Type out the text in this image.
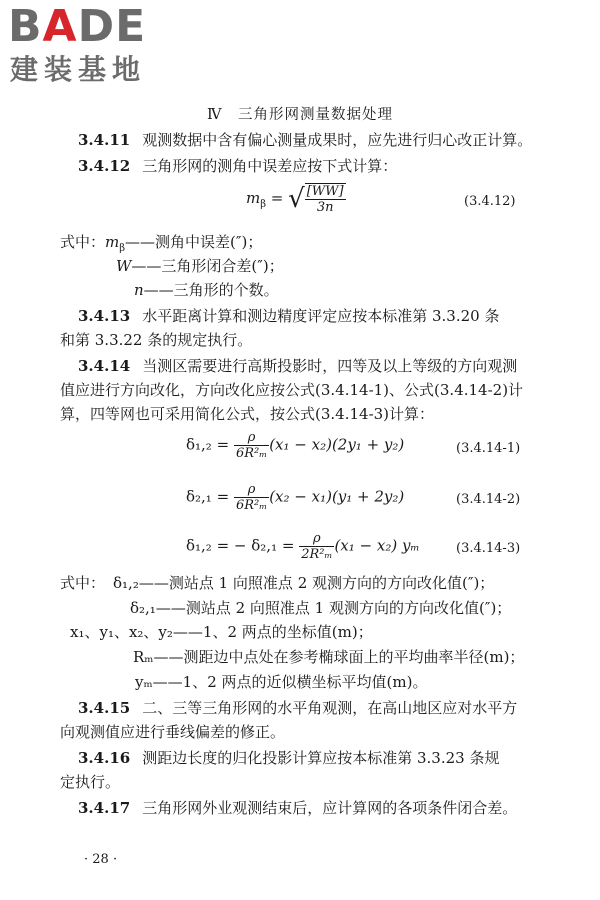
BADE
建装基地
Ⅳ　三角形网测量数据处理
3.4.11 观测数据中含有偏心测量成果时，应先进行归心改正计算。
3.4.12 三角形网的测角中误差应按下式计算：
$m_\beta$ = √ $\frac{[WW]}{3n}$	(3.4.12)
式中：$m_\beta——$测角中误差(″)；
W——三角形闭合差(″)；
n——三角形的个数。
3.4.13 水平距离计算和测边精度评定应按本标准第 3.3.20 条
和第 3.3.22 条的规定执行。
3.4.14 当测区需要进行高斯投影时，四等及以上等级的方向观测
值应进行方向改化，方向改化应按公式(3.4.14-1)、公式(3.4.14-2)计
算，四等网也可采用简化公式，按公式(3.4.14-3)计算：
$\delta_1,_2 = \frac{\rho}{\text{6R²ₘ}} (x_1 - x_2)(2y_1 + y_2)$	(3.4.14-1)
$\delta_2,_1 = \frac{\rho}{\text{6R²ₘ}} (x_2 - x_1)(y_1 + 2y_2)$	(3.4.14-2)
δ₁,₂ = − $\delta_2,_1 = \frac{\rho}{\text{2R²ₘ}} (x_1 - x_2)$ yₘ	(3.4.14-3)
式中： δ₁,₂——测站点 1 向照准点 2 观测方向的方向改化值(″)；
δ₂,₁——测站点 2 向照准点 1 观测方向的方向改化值(″)；
x₁、y₁、x₂、y₂——1、2 两点的坐标值(m)；
Rₘ——测距边中点处在参考椭球面上的平均曲率半径(m)；
yₘ——1、2 两点的近似横坐标平均值(m)。
3.4.15 二、三等三角形网的水平角观测，在高山地区应对水平方
向观测值应进行垂线偏差的修正。
3.4.16 测距边长度的归化投影计算应按本标准第 3.3.23 条规
定执行。
3.4.17 三角形网外业观测结束后，应计算网的各项条件闭合差。
· 28 ·
